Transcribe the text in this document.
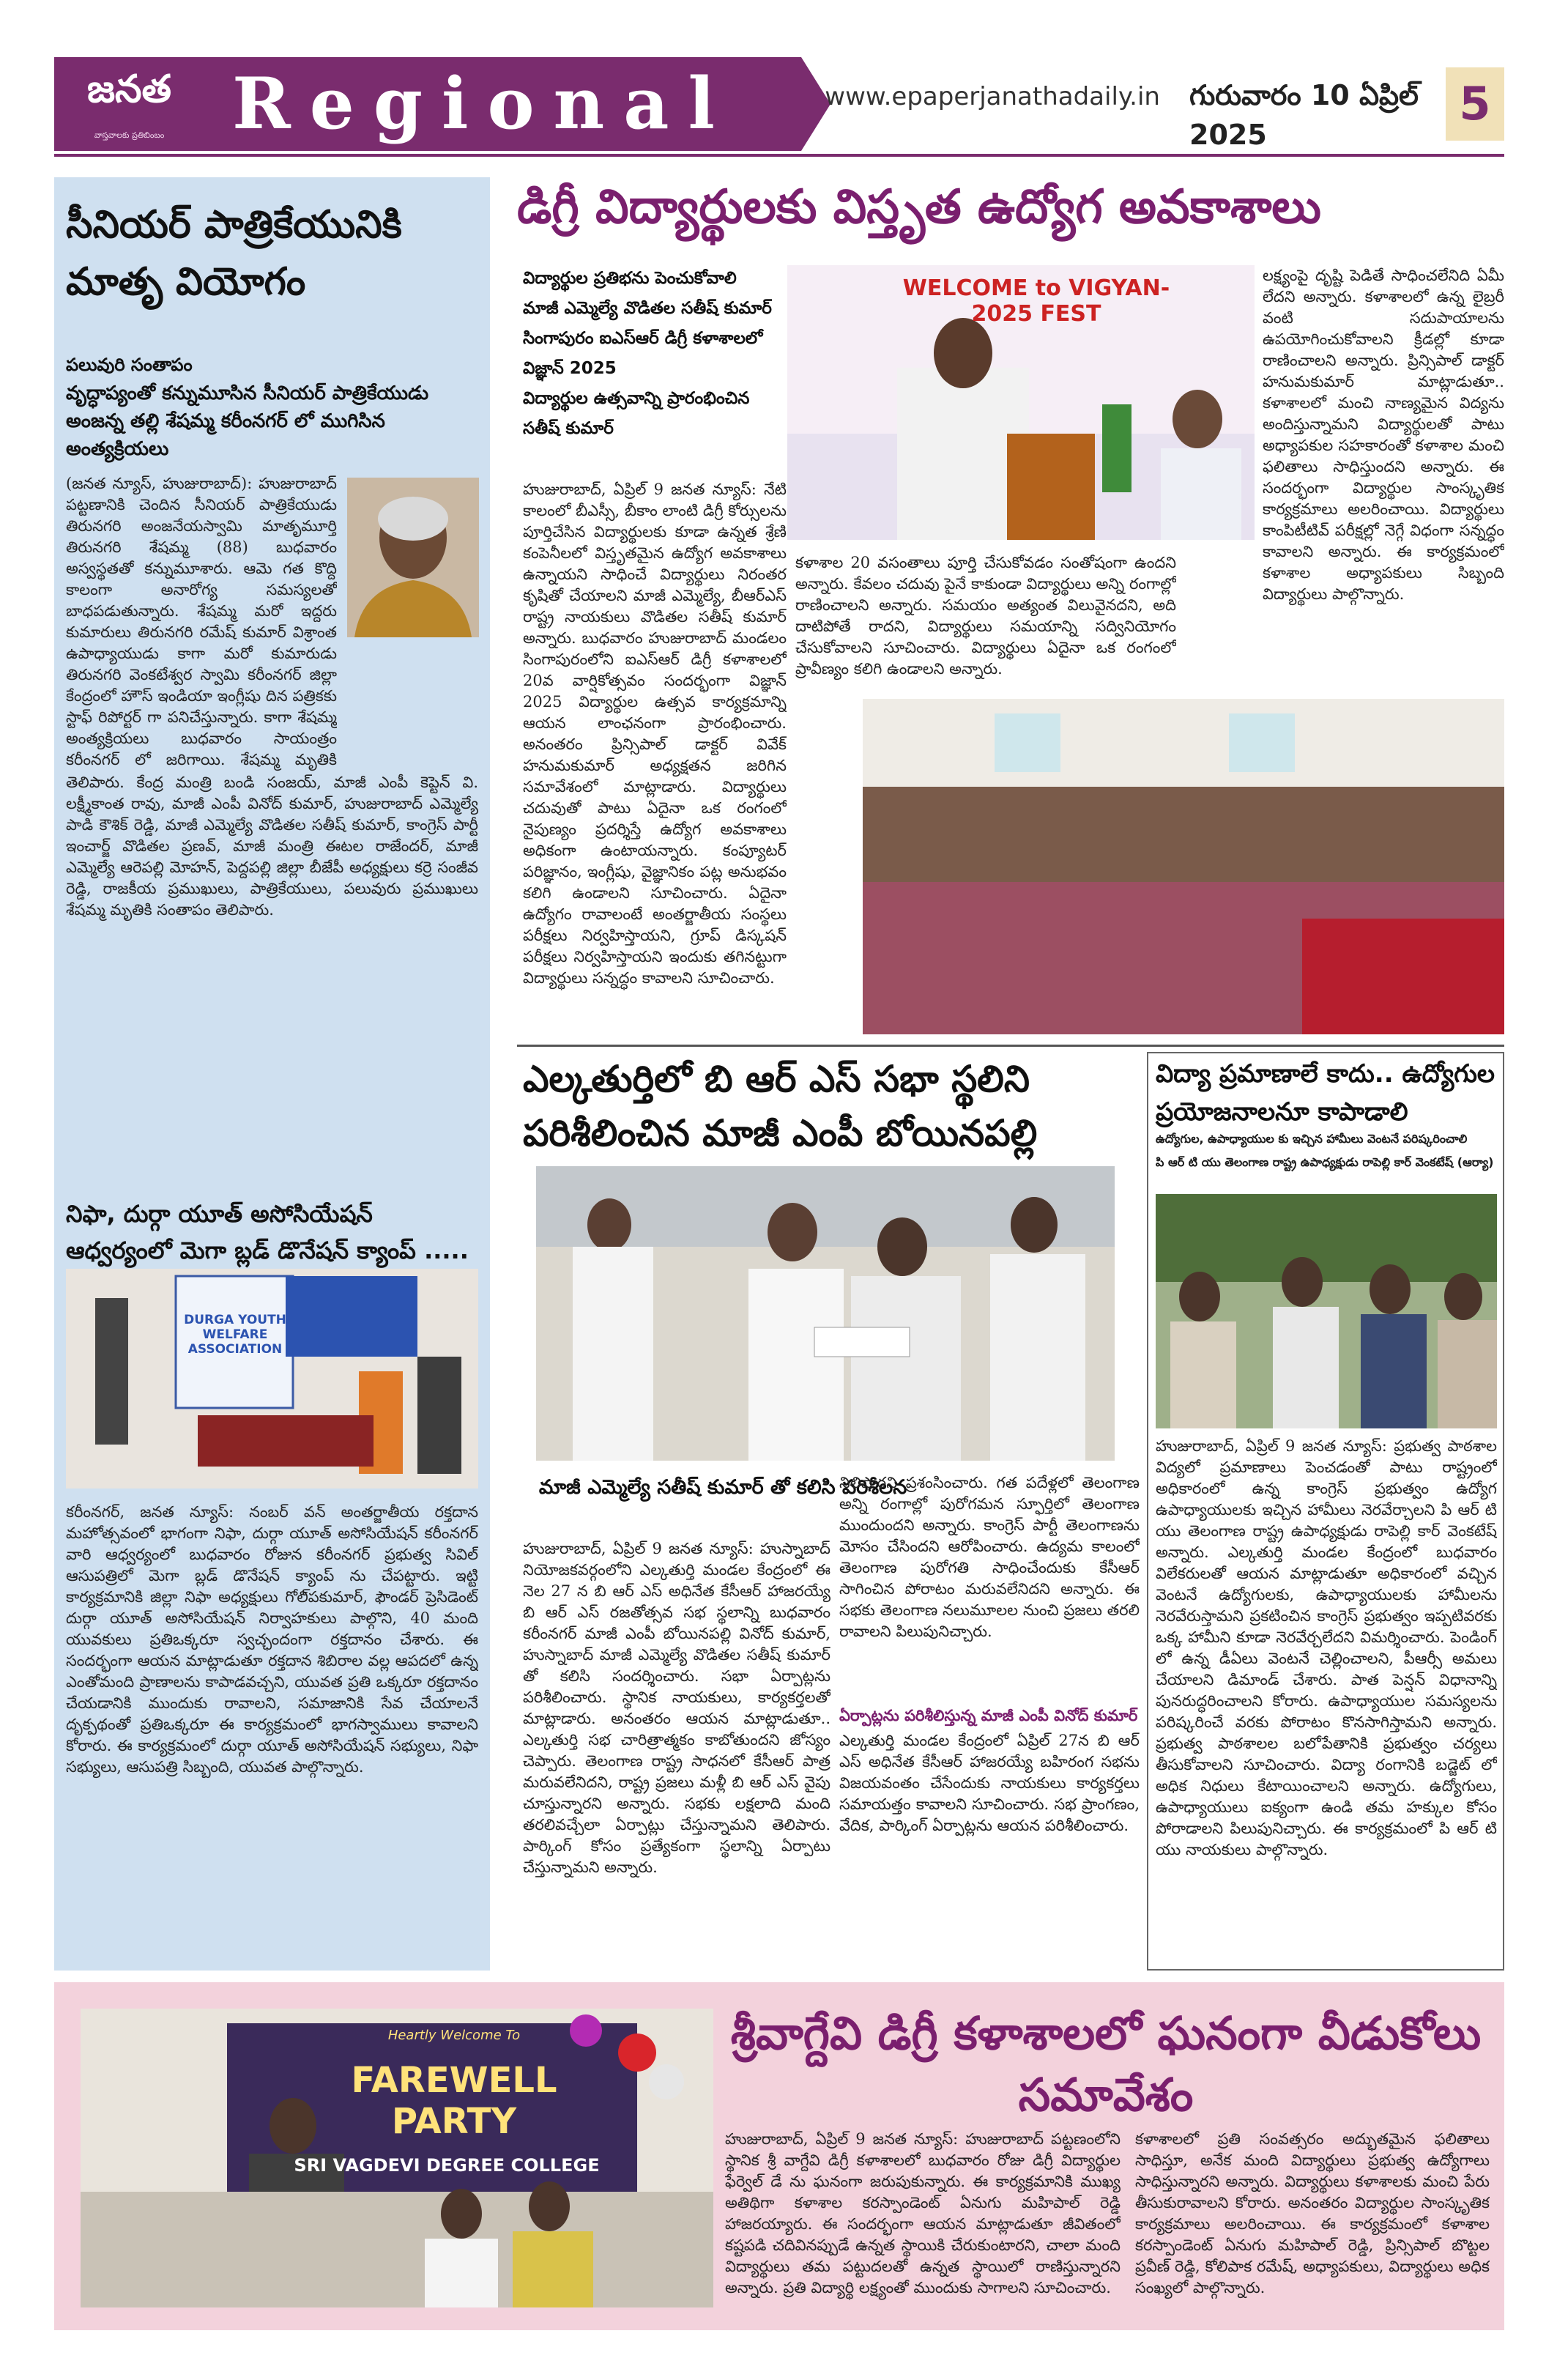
జనత
వాస్తవాలకు ప్రతిబింబం Regional	www.epaperjanathadaily.in గురువారం 10 ఏప్రిల్ 2025
5
సీనియర్ పాత్రికేయునికి మాతృ వియోగం
పలువురి సంతాపం
వృద్ధాప్యంతో కన్నుమూసిన సీనియర్ పాత్రికేయుడు అంజన్న తల్లి శేషమ్మ కరీంనగర్ లో ముగిసిన అంత్యక్రియలు
(జనత న్యూస్, హుజురాబాద్): హుజురాబాద్ పట్టణానికి చెందిన సీనియర్ పాత్రికేయుడు తిరునగరి అంజనేయస్వామి మాతృమూర్తి తిరునగరి శేషమ్మ (88) బుధవారం అస్వస్థతతో కన్నుమూశారు. ఆమె గత కొద్ది కాలంగా అనారోగ్య సమస్యలతో బాధపడుతున్నారు. శేషమ్మ మరో ఇద్దరు కుమారులు తిరునగరి రమేష్ కుమార్ విశ్రాంత ఉపాధ్యాయుడు కాగా మరో కుమారుడు తిరునగరి వెంకటేశ్వర స్వామి కరీంనగర్ జిల్లా కేంద్రంలో హౌస్ ఇండియా ఇంగ్లీషు దిన పత్రికకు స్టాఫ్ రిపోర్టర్ గా పనిచేస్తున్నారు. కాగా శేషమ్మ అంత్యక్రియలు బుధవారం సాయంత్రం కరీంనగర్ లో జరిగాయి. శేషమ్మ మృతికి
తెలిపారు. కేంద్ర మంత్రి బండి సంజయ్, మాజీ ఎంపీ కెప్టెన్ వి. లక్ష్మీకాంత రావు, మాజీ ఎంపీ వినోద్ కుమార్, హుజురాబాద్ ఎమ్మెల్యే పాడి కౌశిక్ రెడ్డి, మాజీ ఎమ్మెల్యే వొడితల సతీష్ కుమార్, కాంగ్రెస్ పార్టీ ఇంచార్జ్ వొడితల ప్రణవ్, మాజీ మంత్రి ఈటల రాజేందర్, మాజీ ఎమ్మెల్యే ఆరెపల్లి మోహన్, పెద్దపల్లి జిల్లా బీజేపీ అధ్యక్షులు కర్రె సంజీవ రెడ్డి, రాజకీయ ప్రముఖులు, పాత్రికేయులు, పలువురు ప్రముఖులు శేషమ్మ మృతికి సంతాపం తెలిపారు.
నిఫా, దుర్గా యూత్ అసోసియేషన్ ఆధ్వర్యంలో మెగా బ్లడ్ డొనేషన్ క్యాంప్ .....
DURGA YOUTH WELFARE ASSOCIATION
కరీంనగర్, జనత న్యూస్: నంబర్ వన్ అంతర్జాతీయ రక్తదాన మహోత్సవంలో భాగంగా నిఫా, దుర్గా యూత్ అసోసియేషన్ కరీంనగర్ వారి ఆధ్వర్యంలో బుధవారం రోజున కరీంనగర్ ప్రభుత్వ సివిల్ ఆసుపత్రిలో మెగా బ్లడ్ డొనేషన్ క్యాంప్ ను చేపట్టారు. ఇట్టి కార్యక్రమానికి జిల్లా నిఫా అధ్యక్షులు గోలి్పకుమార్, ఫౌండర్ ప్రెసిడెంట్ దుర్గా యూత్ అసోసియేషన్ నిర్వాహకులు పాల్గొని, 40 మంది యువకులు ప్రతిఒక్కరూ స్వచ్ఛందంగా రక్తదానం చేశారు. ఈ సందర్భంగా ఆయన మాట్లాడుతూ రక్తదాన శిబిరాల వల్ల ఆపదలో ఉన్న ఎంతోమంది ప్రాణాలను కాపాడవచ్చని, యువత ప్రతి ఒక్కరూ రక్తదానం చేయడానికి ముందుకు రావాలని, సమాజానికి సేవ చేయాలనే దృక్పథంతో ప్రతిఒక్కరూ ఈ కార్యక్రమంలో భాగస్వాములు కావాలని కోరారు. ఈ కార్యక్రమంలో దుర్గా యూత్ అసోసియేషన్ సభ్యులు, నిఫా సభ్యులు, ఆసుపత్రి సిబ్బంది, యువత పాల్గొన్నారు.
డిగ్రీ విద్యార్థులకు విస్తృత ఉద్యోగ అవకాశాలు
విద్యార్థుల ప్రతిభను పెంచుకోవాలి
మాజీ ఎమ్మెల్యే వొడితల సతీష్ కుమార్
సింగాపురం ఐఎస్ఆర్ డిగ్రీ కళాశాలలో విజ్ఞాన్ 2025
విద్యార్థుల ఉత్సవాన్ని ప్రారంభించిన సతీష్ కుమార్
WELCOME to VIGYAN-2025 FEST
హుజురాబాద్, ఏప్రిల్ 9 జనత న్యూస్: నేటి కాలంలో బీఎస్సీ, బీకాం లాంటి డిగ్రీ కోర్సులను పూర్తిచేసిన విద్యార్థులకు కూడా ఉన్నత శ్రేణి కంపెనీలలో విస్తృతమైన ఉద్యోగ అవకాశాలు ఉన్నాయని సాధించే విద్యార్థులు నిరంతర కృషితో చేయాలని మాజీ ఎమ్మెల్యే, బీఆర్ఎస్ రాష్ట్ర నాయకులు వొడితల సతీష్ కుమార్ అన్నారు. బుధవారం హుజురాబాద్ మండలం సింగాపురంలోని ఐఎస్ఆర్ డిగ్రీ కళాశాలలో 20వ వార్షికోత్సవం సందర్భంగా విజ్ఞాన్ 2025 విద్యార్థుల ఉత్సవ కార్యక్రమాన్ని ఆయన లాంఛనంగా ప్రారంభించారు. అనంతరం ప్రిన్సిపాల్ డాక్టర్ వివేక్ హనుమకుమార్ అధ్యక్షతన జరిగిన సమావేశంలో మాట్లాడారు. విద్యార్థులు చదువుతో పాటు ఏదైనా ఒక రంగంలో నైపుణ్యం ప్రదర్శిస్తే ఉద్యోగ అవకాశాలు అధికంగా ఉంటాయన్నారు. కంప్యూటర్ పరిజ్ఞానం, ఇంగ్లీషు, వైజ్ఞానికం పట్ల అనుభవం కలిగి ఉండాలని సూచించారు. ఏదైనా ఉద్యోగం రావాలంటే అంతర్జాతీయ సంస్థలు పరీక్షలు నిర్వహిస్తాయని, గ్రూప్ డిస్కషన్ పరీక్షలు నిర్వహిస్తాయని ఇందుకు తగినట్టుగా విద్యార్థులు సన్నద్ధం కావాలని సూచించారు.
కళాశాల 20 వసంతాలు పూర్తి చేసుకోవడం సంతోషంగా ఉందని అన్నారు. కేవలం చదువు పైనే కాకుండా విద్యార్థులు అన్ని రంగాల్లో రాణించాలని అన్నారు. సమయం అత్యంత విలువైనదని, అది దాటిపోతే రాదని, విద్యార్థులు సమయాన్ని సద్వినియోగం చేసుకోవాలని సూచించారు. విద్యార్థులు ఏదైనా ఒక రంగంలో ప్రావీణ్యం కలిగి ఉండాలని అన్నారు.
లక్ష్యంపై దృష్టి పెడితే సాధించలేనిది ఏమీ లేదని అన్నారు. కళాశాలలో ఉన్న లైబ్రరీ వంటి సదుపాయాలను ఉపయోగించుకోవాలని క్రీడల్లో కూడా రాణించాలని అన్నారు. ప్రిన్సిపాల్ డాక్టర్ హనుమకుమార్ మాట్లాడుతూ.. కళాశాలలో మంచి నాణ్యమైన విద్యను అందిస్తున్నామని విద్యార్థులతో పాటు అధ్యాపకుల సహకారంతో కళాశాల మంచి ఫలితాలు సాధిస్తుందని అన్నారు. ఈ సందర్భంగా విద్యార్థుల సాంస్కృతిక కార్యక్రమాలు అలరించాయి. విద్యార్థులు కాంపిటీటివ్ పరీక్షల్లో నెగ్గే విధంగా సన్నద్ధం కావాలని అన్నారు. ఈ కార్యక్రమంలో కళాశాల అధ్యాపకులు సిబ్బంది విద్యార్థులు పాల్గొన్నారు.
ఎల్కతుర్తిలో బి ఆర్ ఎస్ సభా స్థలిని పరిశీలించిన మాజీ ఎంపీ బోయినపల్లి
మాజీ ఎమ్మెల్యే సతీష్ కుమార్ తో కలిసి పరిశీలన
హుజురాబాద్, ఏప్రిల్ 9 జనత న్యూస్: హుస్నాబాద్ నియోజకవర్గంలోని ఎల్కతుర్తి మండల కేంద్రంలో ఈ నెల 27 న బి ఆర్ ఎస్ అధినేత కేసీఆర్ హాజరయ్యే బి ఆర్ ఎస్ రజతోత్సవ సభ స్థలాన్ని బుధవారం కరీంనగర్ మాజీ ఎంపీ బోయినపల్లి వినోద్ కుమార్, హుస్నాబాద్ మాజీ ఎమ్మెల్యే వొడితల సతీష్ కుమార్ తో కలిసి సందర్శించారు. సభా ఏర్పాట్లను పరిశీలించారు. స్థానిక నాయకులు, కార్యకర్తలతో మాట్లాడారు. అనంతరం ఆయన మాట్లాడుతూ.. ఎల్కతుర్తి సభ చారిత్రాత్మకం కాబోతుందని జోస్యం చెప్పారు. తెలంగాణ రాష్ట్ర సాధనలో కేసీఆర్ పాత్ర మరువలేనిదని, రాష్ట్ర ప్రజలు మళ్లీ బి ఆర్ ఎస్ వైపు చూస్తున్నారని అన్నారు. సభకు లక్షలాది మంది తరలివచ్చేలా ఏర్పాట్లు చేస్తున్నామని తెలిపారు. పార్కింగ్ కోసం ప్రత్యేకంగా స్థలాన్ని ఏర్పాటు చేస్తున్నామని అన్నారు.
నిలిపారని ప్రశంసించారు. గత పదేళ్లలో తెలంగాణ అన్ని రంగాల్లో పురోగమన స్ఫూర్తిలో తెలంగాణ ముందుందని అన్నారు. కాంగ్రెస్ పార్టీ తెలంగాణను మోసం చేసిందని ఆరోపించారు. ఉద్యమ కాలంలో తెలంగాణ పురోగతి సాధించేందుకు కేసీఆర్ సాగించిన పోరాటం మరువలేనిదని అన్నారు. ఈ సభకు తెలంగాణ నలుమూలల నుంచి ప్రజలు తరలి రావాలని పిలుపునిచ్చారు.
ఏర్పాట్లను పరిశీలిస్తున్న మాజీ ఎంపీ వినోద్ కుమార్
ఎల్కతుర్తి మండల కేంద్రంలో ఏప్రిల్ 27న బి ఆర్ ఎస్ అధినేత కేసీఆర్ హాజరయ్యే బహిరంగ సభను విజయవంతం చేసేందుకు నాయకులు కార్యకర్తలు సమాయత్తం కావాలని సూచించారు. సభ ప్రాంగణం, వేదిక, పార్కింగ్ ఏర్పాట్లను ఆయన పరిశీలించారు.
విద్యా ప్రమాణాలే కాదు.. ఉద్యోగుల ప్రయోజనాలనూ కాపాడాలి
ఉద్యోగుల, ఉపాధ్యాయుల కు ఇచ్చిన హామీలు వెంటనే పరిష్కరించాలి
పి ఆర్ టి యు తెలంగాణ రాష్ట్ర ఉపాధ్యక్షుడు రాపెల్లి కార్ వెంకటేష్ (ఆర్యా)
హుజురాబాద్, ఏప్రిల్ 9 జనత న్యూస్: ప్రభుత్వ పాఠశాల విద్యలో ప్రమాణాలు పెంచడంతో పాటు రాష్ట్రంలో అధికారంలో ఉన్న కాంగ్రెస్ ప్రభుత్వం ఉద్యోగ ఉపాధ్యాయులకు ఇచ్చిన హామీలు నెరవేర్చాలని పి ఆర్ టి యు తెలంగాణ రాష్ట్ర ఉపాధ్యక్షుడు రాపెల్లి కార్ వెంకటేష్ అన్నారు. ఎల్కతుర్తి మండల కేంద్రంలో బుధవారం విలేకరులతో ఆయన మాట్లాడుతూ అధికారంలో వచ్చిన వెంటనే ఉద్యోగులకు, ఉపాధ్యాయులకు హామీలను నెరవేరుస్తామని ప్రకటించిన కాంగ్రెస్ ప్రభుత్వం ఇప్పటివరకు ఒక్క హామీని కూడా నెరవేర్చలేదని విమర్శించారు. పెండింగ్ లో ఉన్న డీఏలు వెంటనే చెల్లించాలని, పీఆర్సీ అమలు చేయాలని డిమాండ్ చేశారు. పాత పెన్షన్ విధానాన్ని పునరుద్ధరించాలని కోరారు. ఉపాధ్యాయుల సమస్యలను పరిష్కరించే వరకు పోరాటం కొనసాగిస్తామని అన్నారు. ప్రభుత్వ పాఠశాలల బలోపేతానికి ప్రభుత్వం చర్యలు తీసుకోవాలని సూచించారు. విద్యా రంగానికి బడ్జెట్ లో అధిక నిధులు కేటాయించాలని అన్నారు. ఉద్యోగులు, ఉపాధ్యాయులు ఐక్యంగా ఉండి తమ హక్కుల కోసం పోరాడాలని పిలుపునిచ్చారు. ఈ కార్యక్రమంలో పి ఆర్ టి యు నాయకులు పాల్గొన్నారు.
Heartly Welcome To
FAREWELL PARTY
SRI VAGDEVI DEGREE COLLEGE
శ్రీవాగ్దేవి డిగ్రీ కళాశాలలో ఘనంగా వీడుకోలు సమావేశం
హుజురాబాద్, ఏప్రిల్ 9 జనత న్యూస్: హుజురాబాద్ పట్టణంలోని స్థానిక శ్రీ వాగ్దేవి డిగ్రీ కళాశాలలో బుధవారం రోజు డిగ్రీ విద్యార్థుల ఫేర్వెల్ డే ను ఘనంగా జరుపుకున్నారు. ఈ కార్యక్రమానికి ముఖ్య అతిథిగా కళాశాల కరస్పాండెంట్ ఏనుగు మహిపాల్ రెడ్డి హాజరయ్యారు. ఈ సందర్భంగా ఆయన మాట్లాడుతూ జీవితంలో కష్టపడి చదివినప్పుడే ఉన్నత స్థాయికి చేరుకుంటారని, చాలా మంది విద్యార్థులు తమ పట్టుదలతో ఉన్నత స్థాయిలో రాణిస్తున్నారని అన్నారు. ప్రతి విద్యార్థి లక్ష్యంతో ముందుకు సాగాలని సూచించారు.
కళాశాలలో ప్రతి సంవత్సరం అద్భుతమైన ఫలితాలు సాధిస్తూ, అనేక మంది విద్యార్థులు ప్రభుత్వ ఉద్యోగాలు సాధిస్తున్నారని అన్నారు. విద్యార్థులు కళాశాలకు మంచి పేరు తీసుకురావాలని కోరారు. అనంతరం విద్యార్థుల సాంస్కృతిక కార్యక్రమాలు అలరించాయి. ఈ కార్యక్రమంలో కళాశాల కరస్పాండెంట్ ఏనుగు మహిపాల్ రెడ్డి, ప్రిన్సిపాల్ బొట్టల ప్రవీణ్ రెడ్డి, కోలిపాక రమేష్, అధ్యాపకులు, విద్యార్థులు అధిక సంఖ్యలో పాల్గొన్నారు.
